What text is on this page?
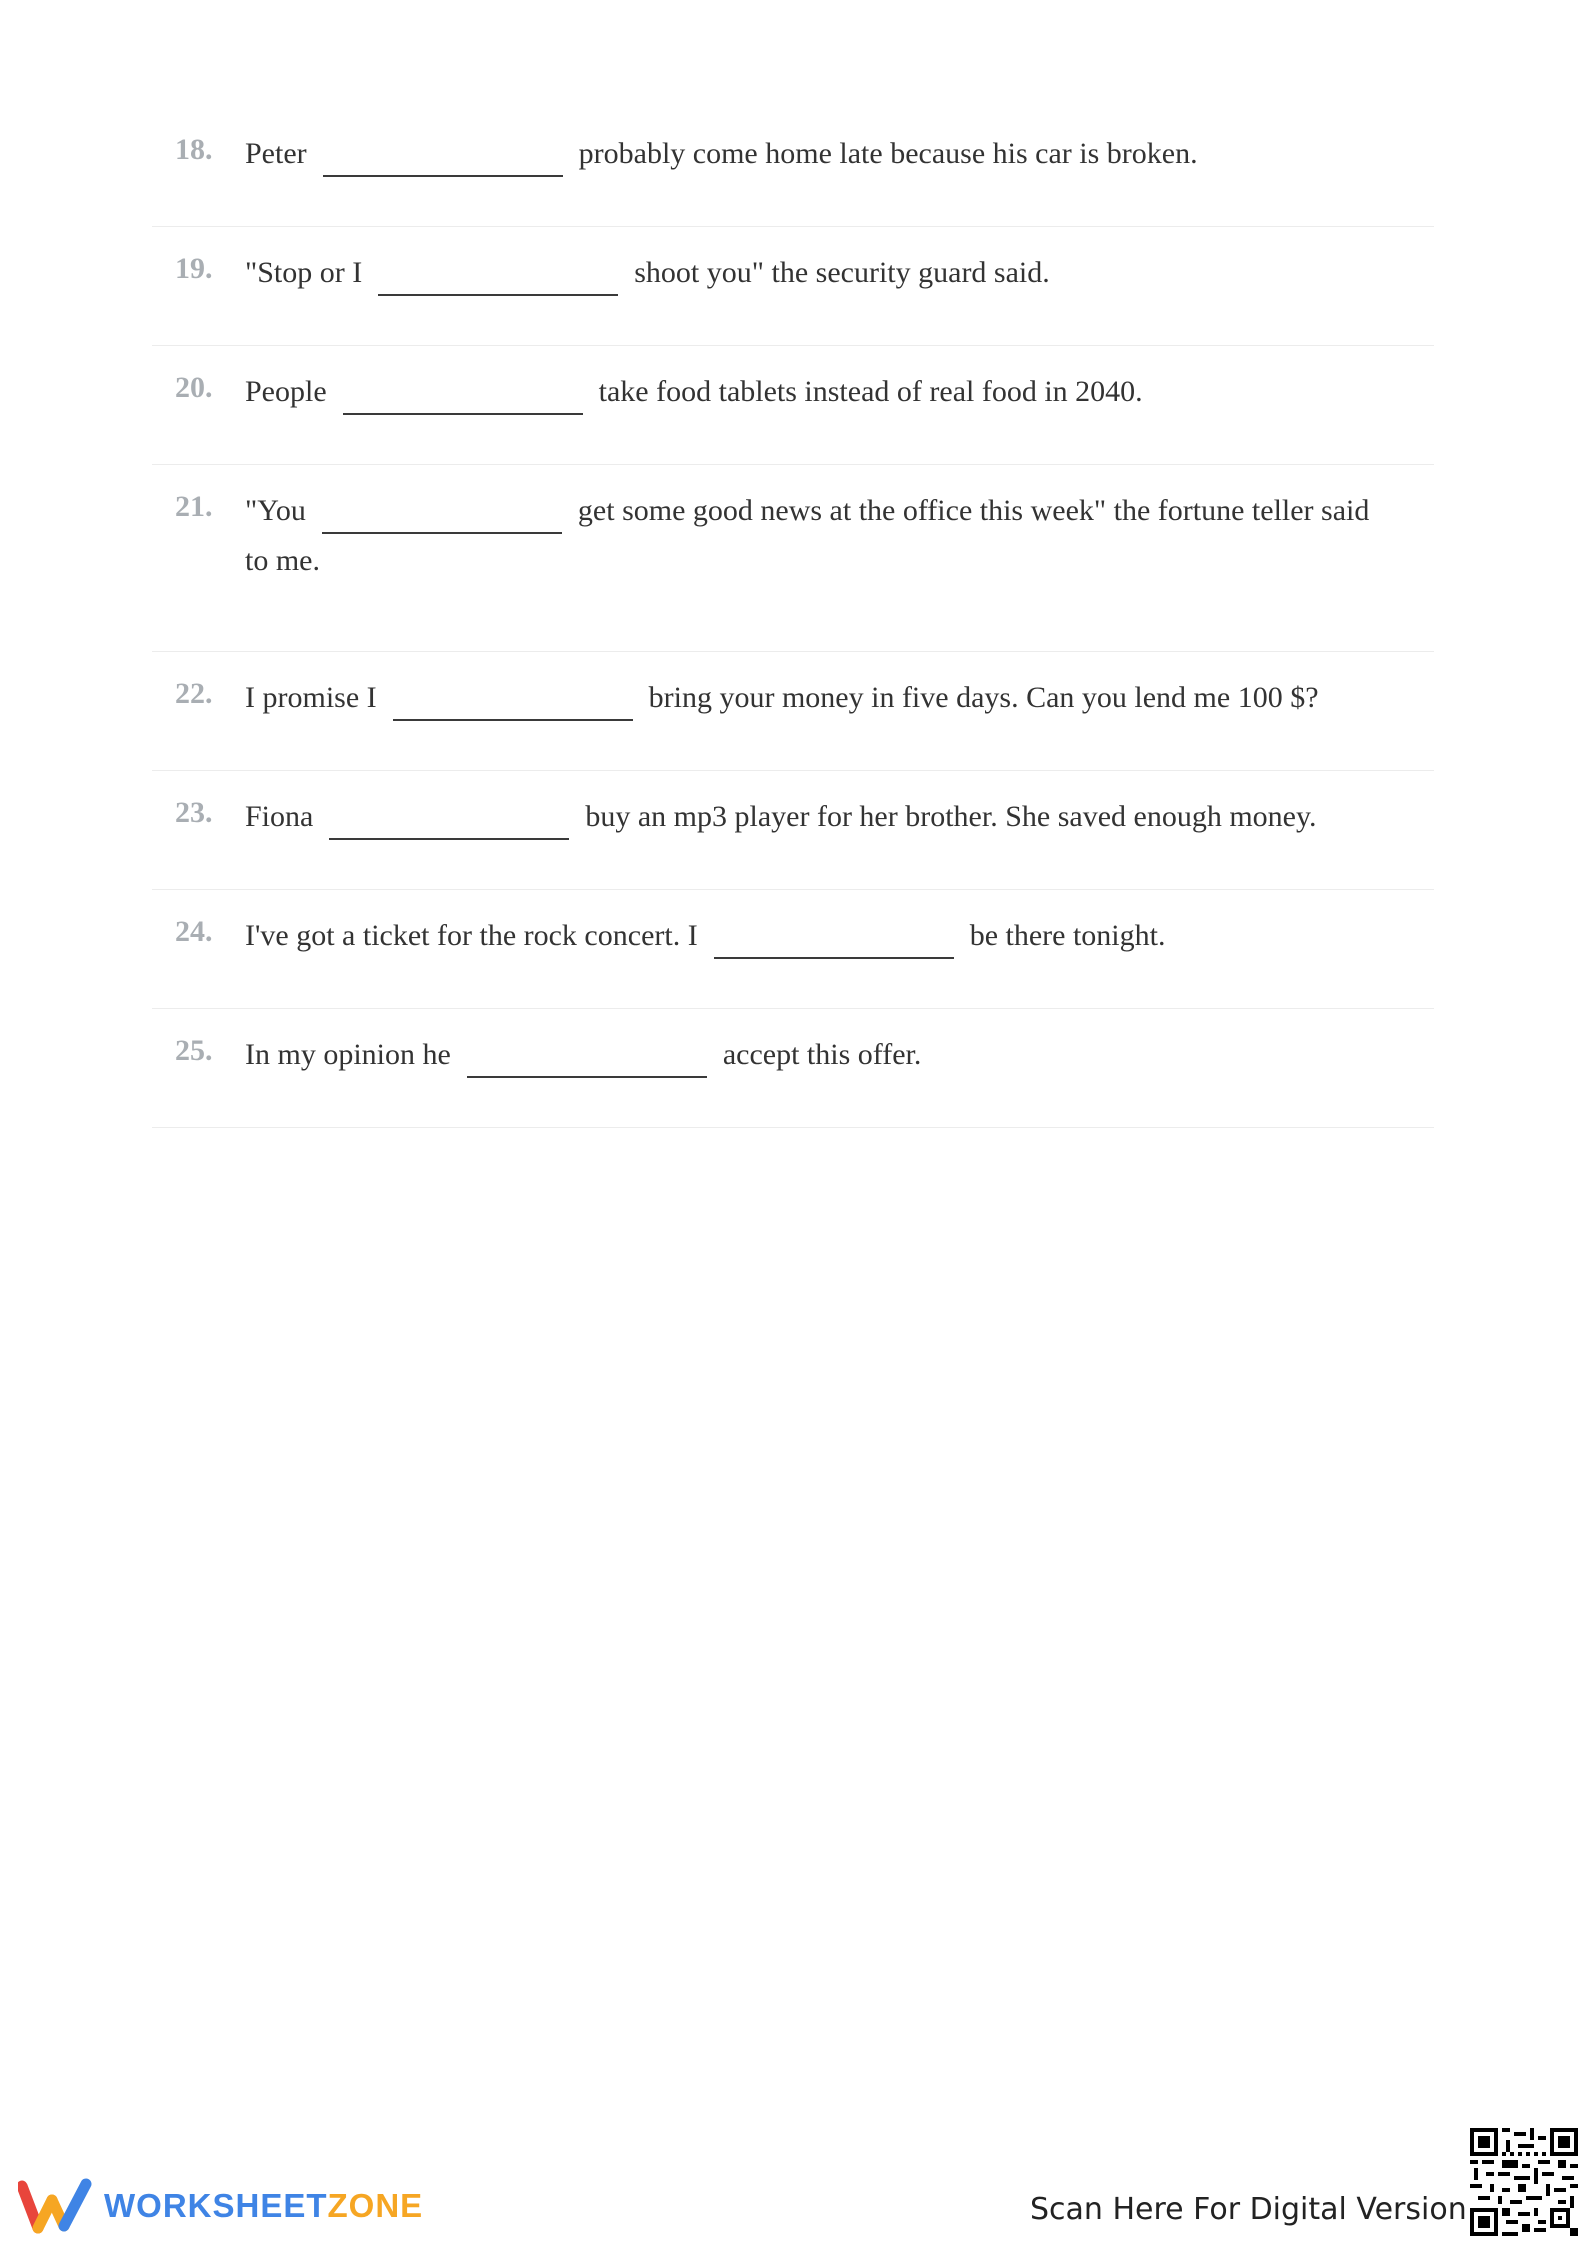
18.	Peter	probably come home late because his car is broken.
19.	"Stop or I	shoot you" the security guard said.
20.	People	take food tablets instead of real food in 2040.
21.	"You	get some good news at the office this week" the fortune teller said to me.
22.	I promise I	bring your money in five days. Can you lend me 100 $?
23.	Fiona	buy an mp3 player for her brother. She saved enough money.
24.	I've got a ticket for the rock concert. I	be there tonight.
25.	In my opinion he	accept this offer.
WORKSHEETZONE	Scan Here For Digital Version
